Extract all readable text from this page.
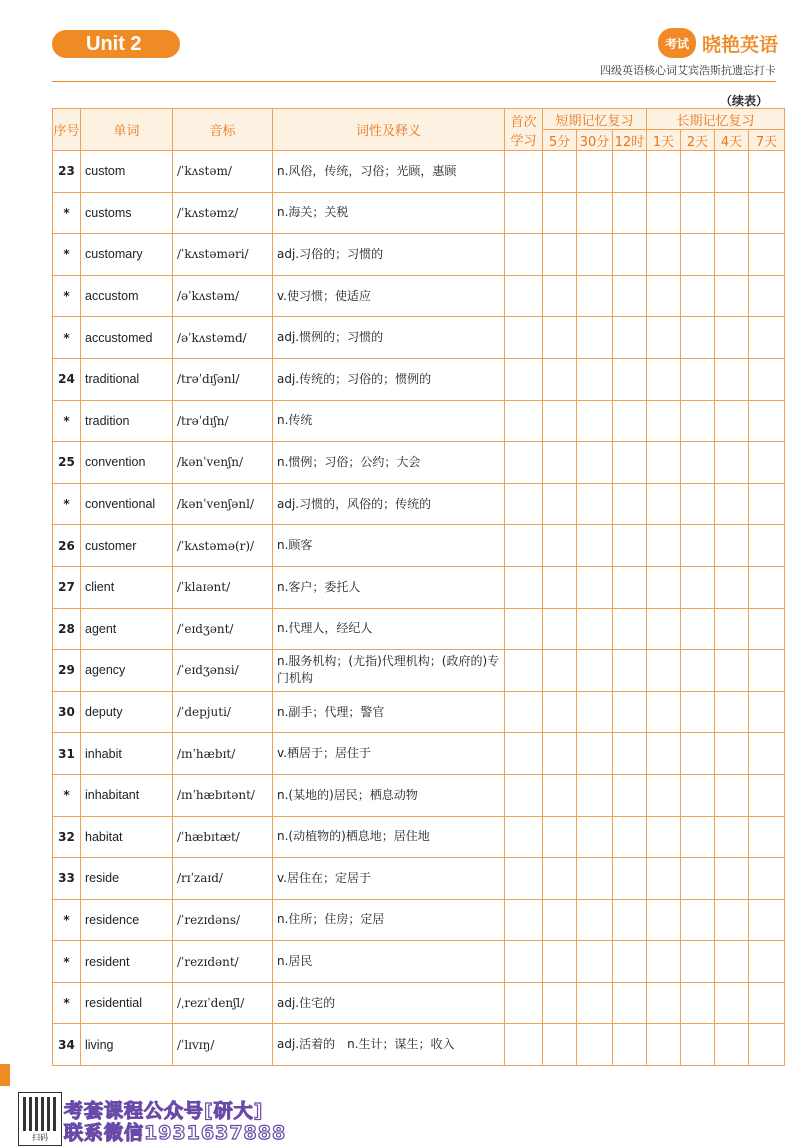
Unit 2	考试 晓艳英语
四级英语核心词艾宾浩斯抗遗忘打卡
（续表）
序号	单词	音标	词性及释义	首次学习	短期记忆复习			长期记忆复习			
					5分	30分	12时	1天	2天	4天	7天
23	custom	/ˈkʌstəm/	n.风俗，传统，习俗；光顾，惠顾								
*	customs	/ˈkʌstəmz/	n.海关；关税								
*	customary	/ˈkʌstəməri/	adj.习俗的；习惯的								
*	accustom	/əˈkʌstəm/	v.使习惯；使适应								
*	accustomed	/əˈkʌstəmd/	adj.惯例的；习惯的								
24	traditional	/trəˈdɪʃənl/	adj.传统的；习俗的；惯例的								
*	tradition	/trəˈdɪʃn/	n.传统								
25	convention	/kənˈvenʃn/	n.惯例；习俗；公约；大会								
*	conventional	/kənˈvenʃənl/	adj.习惯的，风俗的；传统的								
26	customer	/ˈkʌstəmə(r)/	n.顾客								
27	client	/ˈklaɪənt/	n.客户；委托人								
28	agent	/ˈeɪdʒənt/	n.代理人，经纪人								
29	agency	/ˈeɪdʒənsi/	n.服务机构；(尤指)代理机构；(政府的)专门机构								
30	deputy	/ˈdepjuti/	n.副手；代理；警官								
31	inhabit	/ɪnˈhæbɪt/	v.栖居于；居住于								
*	inhabitant	/ɪnˈhæbɪtənt/	n.(某地的)居民；栖息动物								
32	habitat	/ˈhæbɪtæt/	n.(动植物的)栖息地；居住地								
33	reside	/rɪˈzaɪd/	v.居住在；定居于								
*	residence	/ˈrezɪdəns/	n.住所；住房；定居								
*	resident	/ˈrezɪdənt/	n.居民								
*	residential	/ˌrezɪˈdenʃl/	adj.住宅的								
34	living	/ˈlɪvɪŋ/	adj.活着的　n.生计；谋生；收入								
扫码
考套课程公众号[研大]
联系微信1931637888
